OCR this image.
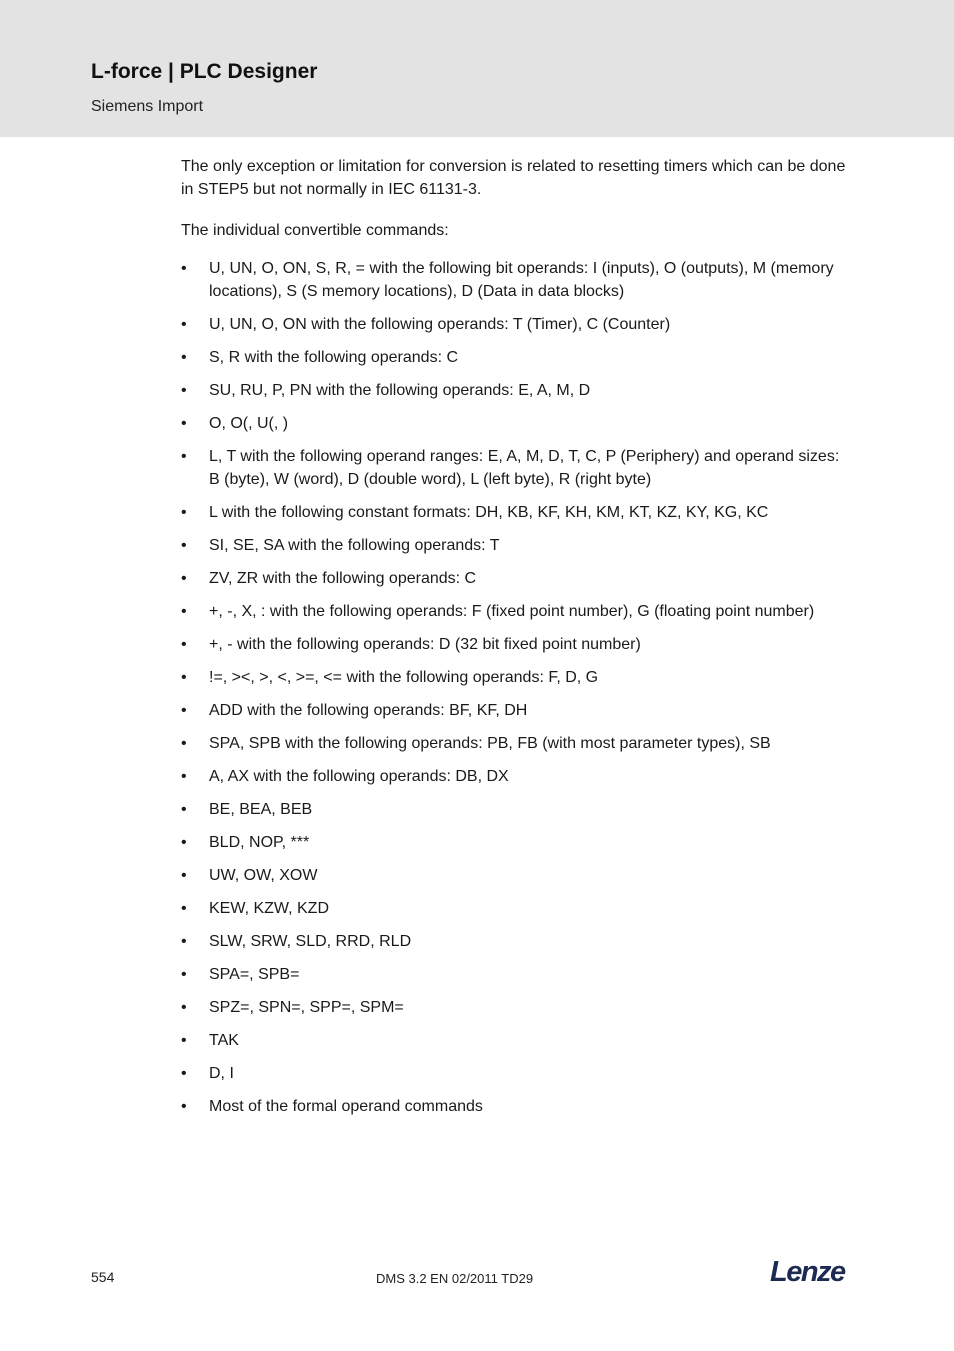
L-force | PLC Designer
Siemens Import

The only exception or limitation for conversion is related to resetting timers which can be done in STEP5 but not normally in IEC 61131-3.

The individual convertible commands:

• U, UN, O, ON, S, R, = with the following bit operands: I (inputs), O (outputs), M (memory locations), S (S memory locations), D (Data in data blocks)
• U, UN, O, ON with the following operands: T (Timer), C (Counter)
• S, R with the following operands: C
• SU, RU, P, PN with the following operands: E, A, M, D
• O, O(, U(, )
• L, T with the following operand ranges: E, A, M, D, T, C, P (Periphery) and operand sizes: B (byte), W (word), D (double word), L (left byte), R (right byte)
• L with the following constant formats: DH, KB, KF, KH, KM, KT, KZ, KY, KG, KC
• SI, SE, SA with the following operands: T
• ZV, ZR with the following operands: C
• +, -, X, : with the following operands: F (fixed point number), G (floating point number)
• +, - with the following operands: D (32 bit fixed point number)
• !=, ><, >, <, >=, <= with the following operands: F, D, G
• ADD with the following operands: BF, KF, DH
• SPA, SPB with the following operands: PB, FB (with most parameter types), SB
• A, AX with the following operands: DB, DX
• BE, BEA, BEB
• BLD, NOP, ***
• UW, OW, XOW
• KEW, KZW, KZD
• SLW, SRW, SLD, RRD, RLD
• SPA=, SPB=
• SPZ=, SPN=, SPP=, SPM=
• TAK
• D, I
• Most of the formal operand commands
554	DMS 3.2 EN 02/2011 TD29	Lenze
